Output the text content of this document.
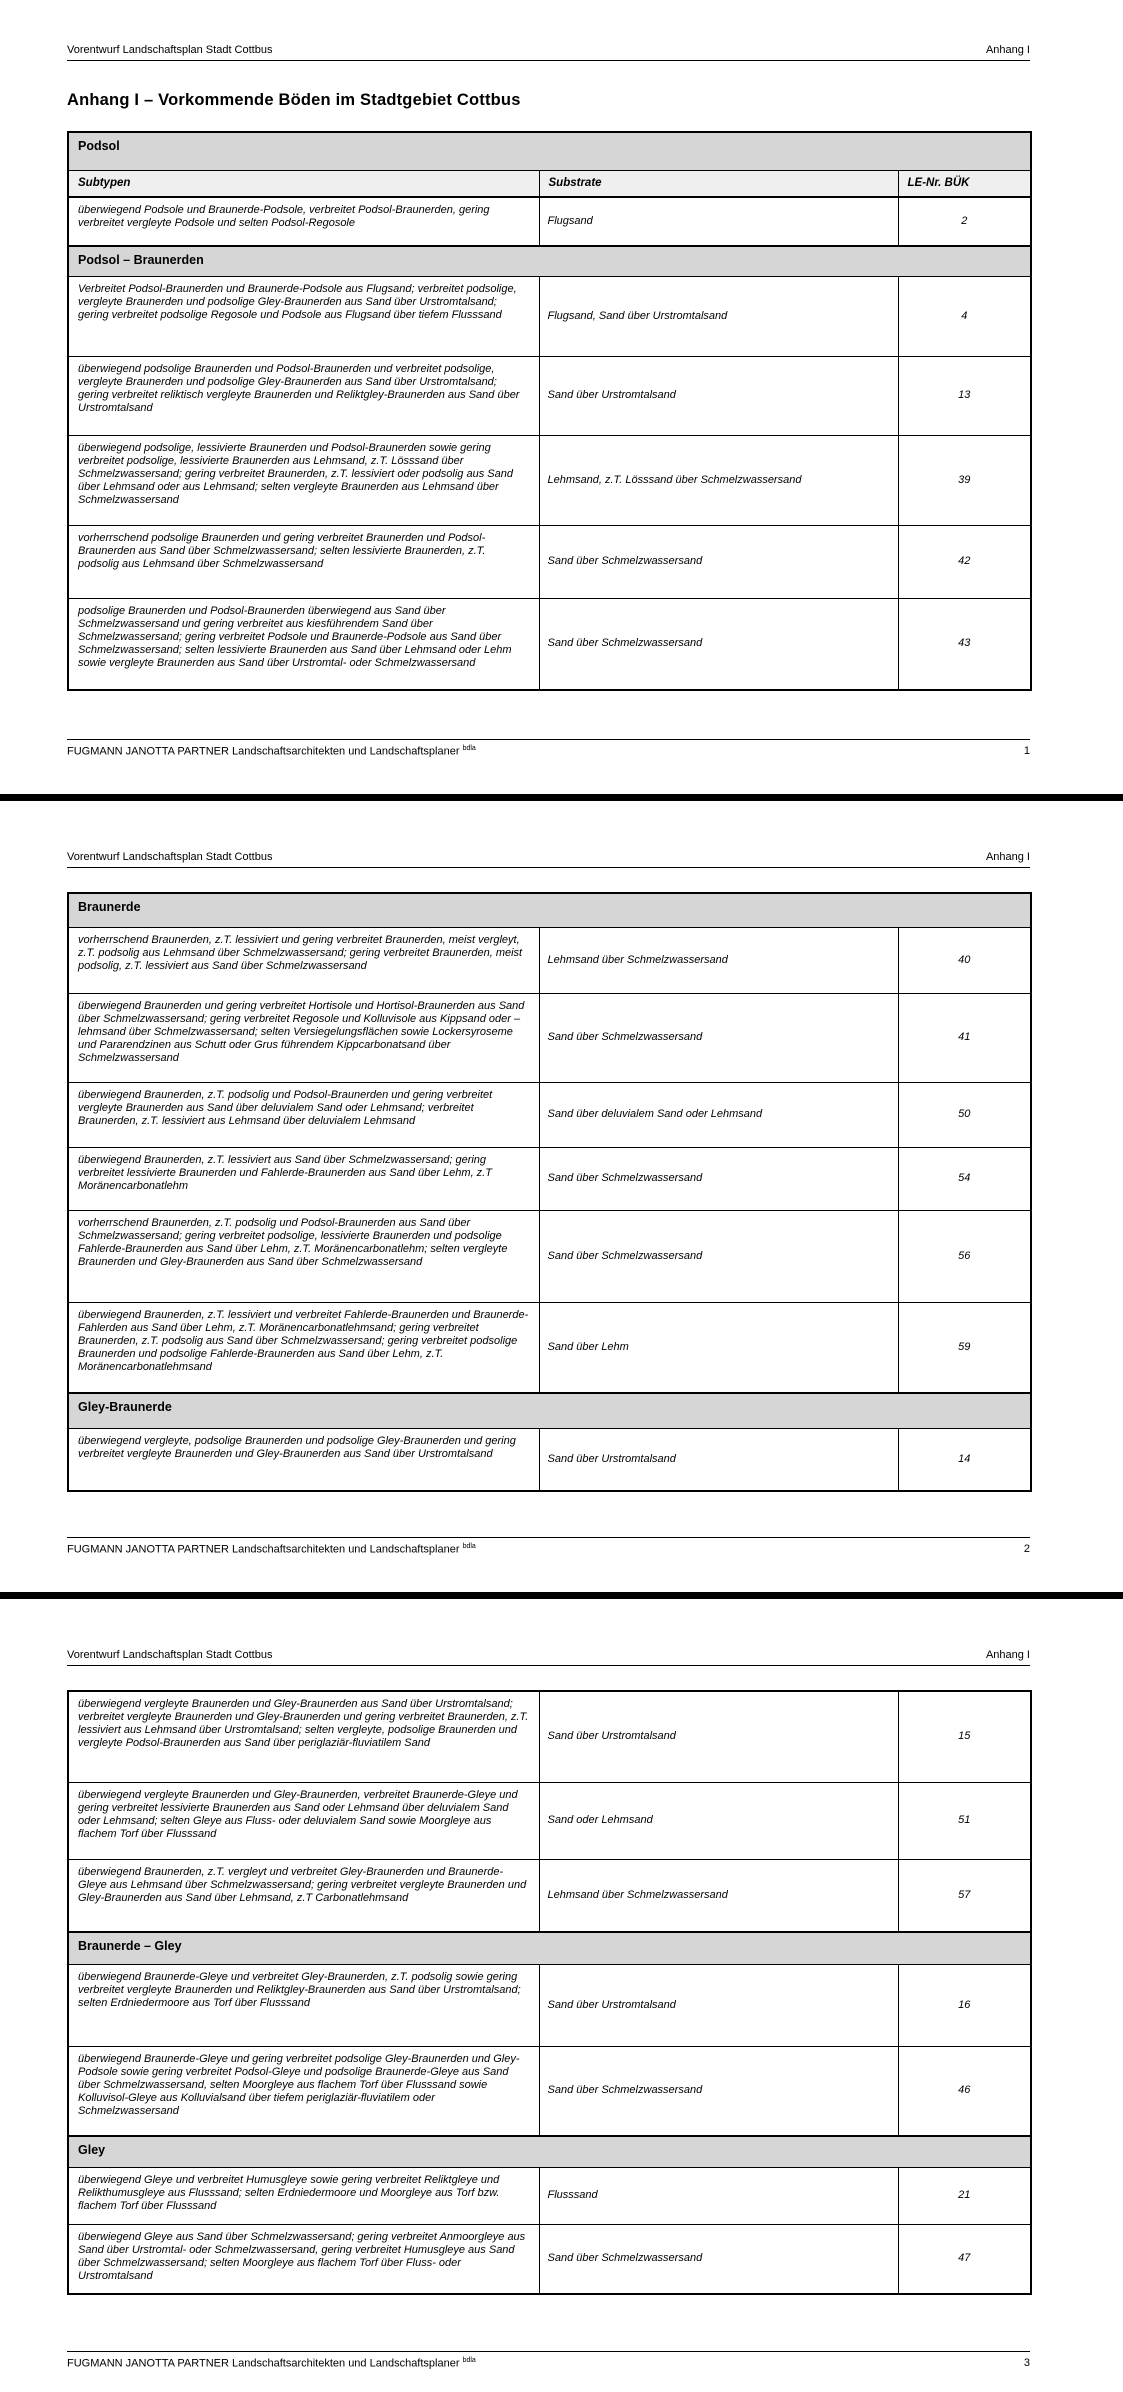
Vorentwurf Landschaftsplan Stadt Cottbus	Anhang I
Anhang I – Vorkommende Böden im Stadtgebiet Cottbus
Podsol		
Subtypen	Substrate	LE-Nr. BÜK
überwiegend Podsole und Braunerde-Podsole, verbreitet Podsol-Braunerden, gering verbreitet vergleyte Podsole und selten Podsol-Regosole	Flugsand	2
Podsol – Braunerden		
Verbreitet Podsol-Braunerden und Braunerde-Podsole aus Flugsand; verbreitet podsolige, vergleyte Braunerden und podsolige Gley-Braunerden aus Sand über Urstromtalsand; gering verbreitet podsolige Regosole und Podsole aus Flugsand über tiefem Flusssand	Flugsand, Sand über Urstromtalsand	4
überwiegend podsolige Braunerden und Podsol-Braunerden und verbreitet podsolige, vergleyte Braunerden und podsolige Gley-Braunerden aus Sand über Urstromtalsand; gering verbreitet reliktisch vergleyte Braunerden und Reliktgley-Braunerden aus Sand über Urstromtalsand	Sand über Urstromtalsand	13
überwiegend podsolige, lessivierte Braunerden und Podsol-Braunerden sowie gering verbreitet podsolige, lessivierte Braunerden aus Lehmsand, z.T. Lösssand über Schmelzwassersand; gering verbreitet Braunerden, z.T. lessiviert oder podsolig aus Sand über Lehmsand oder aus Lehmsand; selten vergleyte Braunerden aus Lehmsand über Schmelzwassersand	Lehmsand, z.T. Lösssand über Schmelzwassersand	39
vorherrschend podsolige Braunerden und gering verbreitet Braunerden und Podsol-Braunerden aus Sand über Schmelzwassersand; selten lessivierte Braunerden, z.T. podsolig aus Lehmsand über Schmelzwassersand	Sand über Schmelzwassersand	42
podsolige Braunerden und Podsol-Braunerden überwiegend aus Sand über Schmelzwassersand und gering verbreitet aus kiesführendem Sand über Schmelzwassersand; gering verbreitet Podsole und Braunerde-Podsole aus Sand über Schmelzwassersand; selten lessivierte Braunerden aus Sand über Lehmsand oder Lehm sowie vergleyte Braunerden aus Sand über Urstromtal- oder Schmelzwassersand	Sand über Schmelzwassersand	43
FUGMANN JANOTTA PARTNER Landschaftsarchitekten und Landschaftsplaner $^{bdla}$	1
Vorentwurf Landschaftsplan Stadt Cottbus	Anhang I
Braunerde		
vorherrschend Braunerden, z.T. lessiviert und gering verbreitet Braunerden, meist vergleyt, z.T. podsolig aus Lehmsand über Schmelzwassersand; gering verbreitet Braunerden, meist podsolig, z.T. lessiviert aus Sand über Schmelzwassersand	Lehmsand über Schmelzwassersand	40
überwiegend Braunerden und gering verbreitet Hortisole und Hortisol-Braunerden aus Sand über Schmelzwassersand; gering verbreitet Regosole und Kolluvisole aus Kippsand oder –lehmsand über Schmelzwassersand; selten Versiegelungsflächen sowie Lockersyroseme und Pararendzinen aus Schutt oder Grus führendem Kippcarbonatsand über Schmelzwassersand	Sand über Schmelzwassersand	41
überwiegend Braunerden, z.T. podsolig und Podsol-Braunerden und gering verbreitet vergleyte Braunerden aus Sand über deluvialem Sand oder Lehmsand; verbreitet Braunerden, z.T. lessiviert aus Lehmsand über deluvialem Lehmsand	Sand über deluvialem Sand oder Lehmsand	50
überwiegend Braunerden, z.T. lessiviert aus Sand über Schmelzwassersand; gering verbreitet lessivierte Braunerden und Fahlerde-Braunerden aus Sand über Lehm, z.T Moränencarbonatlehm	Sand über Schmelzwassersand	54
vorherrschend Braunerden, z.T. podsolig und Podsol-Braunerden aus Sand über Schmelzwassersand; gering verbreitet podsolige, lessivierte Braunerden und podsolige Fahlerde-Braunerden aus Sand über Lehm, z.T. Moränencarbonatlehm; selten vergleyte Braunerden und Gley-Braunerden aus Sand über Schmelzwassersand	Sand über Schmelzwassersand	56
überwiegend Braunerden, z.T. lessiviert und verbreitet Fahlerde-Braunerden und Braunerde-Fahlerden aus Sand über Lehm, z.T. Moränencarbonatlehmsand; gering verbreitet Braunerden, z.T. podsolig aus Sand über Schmelzwassersand; gering verbreitet podsolige Braunerden und podsolige Fahlerde-Braunerden aus Sand über Lehm, z.T. Moränencarbonatlehmsand	Sand über Lehm	59
Gley-Braunerde		
überwiegend vergleyte, podsolige Braunerden und podsolige Gley-Braunerden und gering verbreitet vergleyte Braunerden und Gley-Braunerden aus Sand über Urstromtalsand	Sand über Urstromtalsand	14
FUGMANN JANOTTA PARTNER Landschaftsarchitekten und Landschaftsplaner $^{bdla}$	2
Vorentwurf Landschaftsplan Stadt Cottbus	Anhang I
überwiegend vergleyte Braunerden und Gley-Braunerden aus Sand über Urstromtalsand; verbreitet vergleyte Braunerden und Gley-Braunerden und gering verbreitet Braunerden, z.T. lessiviert aus Lehmsand über Urstromtalsand; selten vergleyte, podsolige Braunerden und vergleyte Podsol-Braunerden aus Sand über periglaziär-fluviatilem Sand	Sand über Urstromtalsand	15
überwiegend vergleyte Braunerden und Gley-Braunerden, verbreitet Braunerde-Gleye und gering verbreitet lessivierte Braunerden aus Sand oder Lehmsand über deluvialem Sand oder Lehmsand; selten Gleye aus Fluss- oder deluvialem Sand sowie Moorgleye aus flachem Torf über Flusssand	Sand oder Lehmsand	51
überwiegend Braunerden, z.T. vergleyt und verbreitet Gley-Braunerden und Braunerde-Gleye aus Lehmsand über Schmelzwassersand; gering verbreitet vergleyte Braunerden und Gley-Braunerden aus Sand über Lehmsand, z.T Carbonatlehmsand	Lehmsand über Schmelzwassersand	57
Braunerde – Gley		
überwiegend Braunerde-Gleye und verbreitet Gley-Braunerden, z.T. podsolig sowie gering verbreitet vergleyte Braunerden und Reliktgley-Braunerden aus Sand über Urstromtalsand; selten Erdniedermoore aus Torf über Flusssand	Sand über Urstromtalsand	16
überwiegend Braunerde-Gleye und gering verbreitet podsolige Gley-Braunerden und Gley-Podsole sowie gering verbreitet Podsol-Gleye und podsolige Braunerde-Gleye aus Sand über Schmelzwassersand, selten Moorgleye aus flachem Torf über Flusssand sowie Kolluvisol-Gleye aus Kolluvialsand über tiefem periglaziär-fluviatilem oder Schmelzwassersand	Sand über Schmelzwassersand	46
Gley		
überwiegend Gleye und verbreitet Humusgleye sowie gering verbreitet Reliktgleye und Relikthumusgleye aus Flusssand; selten Erdniedermoore und Moorgleye aus Torf bzw. flachem Torf über Flusssand	Flusssand	21
überwiegend Gleye aus Sand über Schmelzwassersand; gering verbreitet Anmoorgleye aus Sand über Urstromtal- oder Schmelzwassersand, gering verbreitet Humusgleye aus Sand über Schmelzwassersand; selten Moorgleye aus flachem Torf über Fluss- oder Urstromtalsand	Sand über Schmelzwassersand	47
FUGMANN JANOTTA PARTNER Landschaftsarchitekten und Landschaftsplaner $^{bdla}$	3
